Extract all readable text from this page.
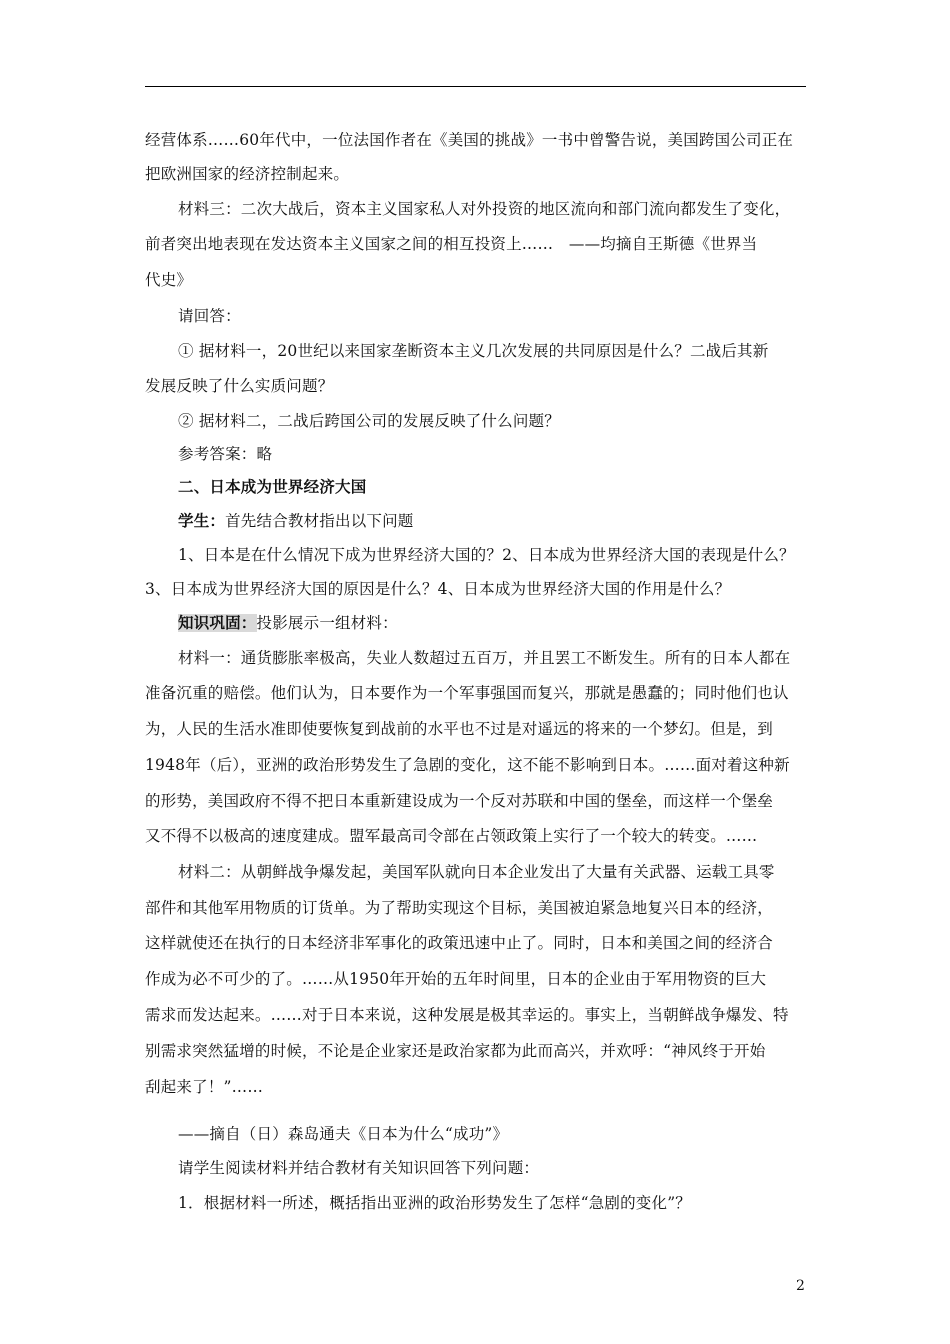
经营体系……60年代中，一位法国作者在《美国的挑战》一书中曾警告说，美国跨国公司正在
把欧洲国家的经济控制起来。
材料三：二次大战后，资本主义国家私人对外投资的地区流向和部门流向都发生了变化，
前者突出地表现在发达资本主义国家之间的相互投资上……　——均摘自王斯德《世界当
代史》
请回答：
① 据材料一，20世纪以来国家垄断资本主义几次发展的共同原因是什么？二战后其新
发展反映了什么实质问题？
② 据材料二，二战后跨国公司的发展反映了什么问题？
参考答案：略
二、日本成为世界经济大国
学生：首先结合教材指出以下问题
1、日本是在什么情况下成为世界经济大国的？2、日本成为世界经济大国的表现是什么？
3、日本成为世界经济大国的原因是什么？4、日本成为世界经济大国的作用是什么？
知识巩固：投影展示一组材料：
材料一：通货膨胀率极高，失业人数超过五百万，并且罢工不断发生。所有的日本人都在
准备沉重的赔偿。他们认为，日本要作为一个军事强国而复兴，那就是愚蠢的；同时他们也认
为，人民的生活水准即使要恢复到战前的水平也不过是对遥远的将来的一个梦幻。但是，到
1948年（后），亚洲的政治形势发生了急剧的变化，这不能不影响到日本。……面对着这种新
的形势，美国政府不得不把日本重新建设成为一个反对苏联和中国的堡垒，而这样一个堡垒
又不得不以极高的速度建成。盟军最高司令部在占领政策上实行了一个较大的转变。……
材料二：从朝鲜战争爆发起，美国军队就向日本企业发出了大量有关武器、运载工具零
部件和其他军用物质的订货单。为了帮助实现这个目标，美国被迫紧急地复兴日本的经济，
这样就使还在执行的日本经济非军事化的政策迅速中止了。同时，日本和美国之间的经济合
作成为必不可少的了。……从1950年开始的五年时间里，日本的企业由于军用物资的巨大
需求而发达起来。……对于日本来说，这种发展是极其幸运的。事实上，当朝鲜战争爆发、特
别需求突然猛增的时候，不论是企业家还是政治家都为此而高兴，并欢呼：“神风终于开始
刮起来了！”……
——摘自（日）森岛通夫《日本为什么“成功”》
请学生阅读材料并结合教材有关知识回答下列问题：
1．根据材料一所述，概括指出亚洲的政治形势发生了怎样“急剧的变化”？
2
